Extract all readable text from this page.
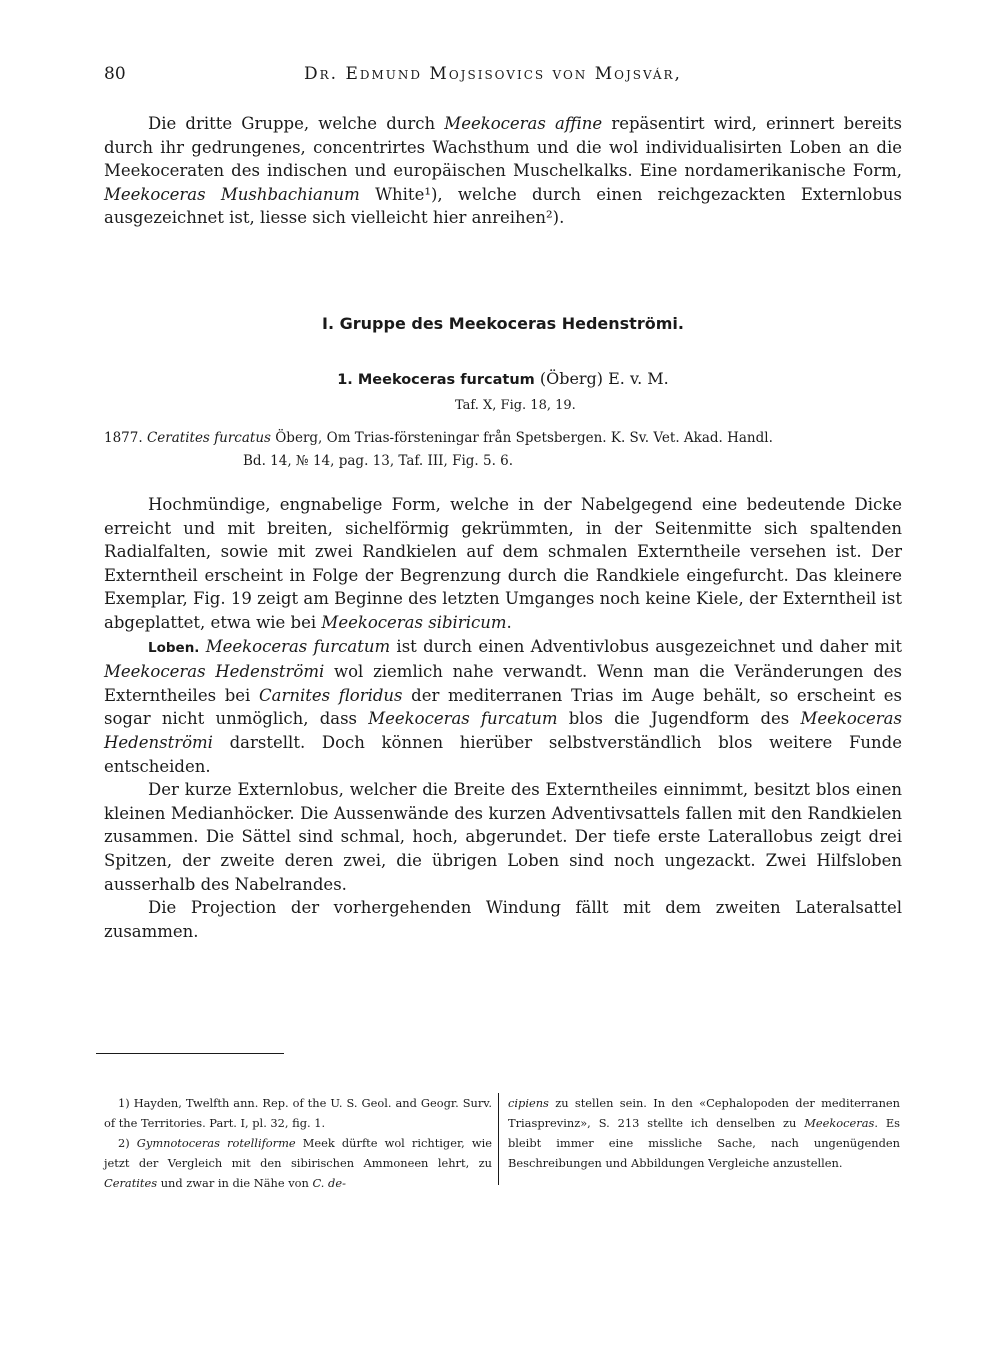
80	Dr. Edmund Mojsisovics von Mojsvár,

Die dritte Gruppe, welche durch Meekoceras affine repäsentirt wird, erinnert bereits durch ihr gedrungenes, concentrirtes Wachsthum und die wol individualisirten Loben an die Meekoceraten des indischen und europäischen Muschelkalks. Eine nordamerikanische Form, Meekoceras Mushbachianum White¹), welche durch einen reichgezackten Externlobus ausgezeichnet ist, liesse sich vielleicht hier anreihen²).

I. Gruppe des Meekoceras Hedenströmi.
1. Meekoceras furcatum (Öberg) E. v. M.
Taf. X, Fig. 18, 19.
1877. Ceratites furcatus Öberg, Om Trias-försteningar från Spetsbergen. K. Sv. Vet. Akad. Handl.
Bd. 14, № 14, pag. 13, Taf. III, Fig. 5. 6.

Hochmündige, engnabelige Form, welche in der Nabelgegend eine bedeutende Dicke erreicht und mit breiten, sichelförmig gekrümmten, in der Seitenmitte sich spaltenden Radialfalten, sowie mit zwei Randkielen auf dem schmalen Externtheile versehen ist. Der Externtheil erscheint in Folge der Begrenzung durch die Randkiele eingefurcht. Das kleinere Exemplar, Fig. 19 zeigt am Beginne des letzten Umganges noch keine Kiele, der Externtheil ist abgeplattet, etwa wie bei Meekoceras sibiricum.

Loben. Meekoceras furcatum ist durch einen Adventivlobus ausgezeichnet und daher mit Meekoceras Hedenströmi wol ziemlich nahe verwandt. Wenn man die Veränderungen des Externtheiles bei Carnites floridus der mediterranen Trias im Auge behält, so erscheint es sogar nicht unmöglich, dass Meekoceras furcatum blos die Jugendform des Meekoceras Hedenströmi darstellt. Doch können hierüber selbstverständlich blos weitere Funde entscheiden.

Der kurze Externlobus, welcher die Breite des Externtheiles einnimmt, besitzt blos einen kleinen Medianhöcker. Die Aussenwände des kurzen Adventivsattels fallen mit den Randkielen zusammen. Die Sättel sind schmal, hoch, abgerundet. Der tiefe erste Laterallobus zeigt drei Spitzen, der zweite deren zwei, die übrigen Loben sind noch ungezackt. Zwei Hilfsloben ausserhalb des Nabelrandes.

Die Projection der vorhergehenden Windung fällt mit dem zweiten Lateralsattel zusammen.

1) Hayden, Twelfth ann. Rep. of the U. S. Geol. and Geogr. Surv. of the Territories. Part. I, pl. 32, fig. 1.

2) Gymnotoceras rotelliforme Meek dürfte wol richtiger, wie jetzt der Vergleich mit den sibirischen Ammoneen lehrt, zu Ceratites und zwar in die Nähe von C. de-

cipiens zu stellen sein. In den «Cephalopoden der mediterranen Triasprevinz», S. 213 stellte ich denselben zu Meekoceras. Es bleibt immer eine missliche Sache, nach ungenügenden Beschreibungen und Abbildungen Vergleiche anzustellen.
